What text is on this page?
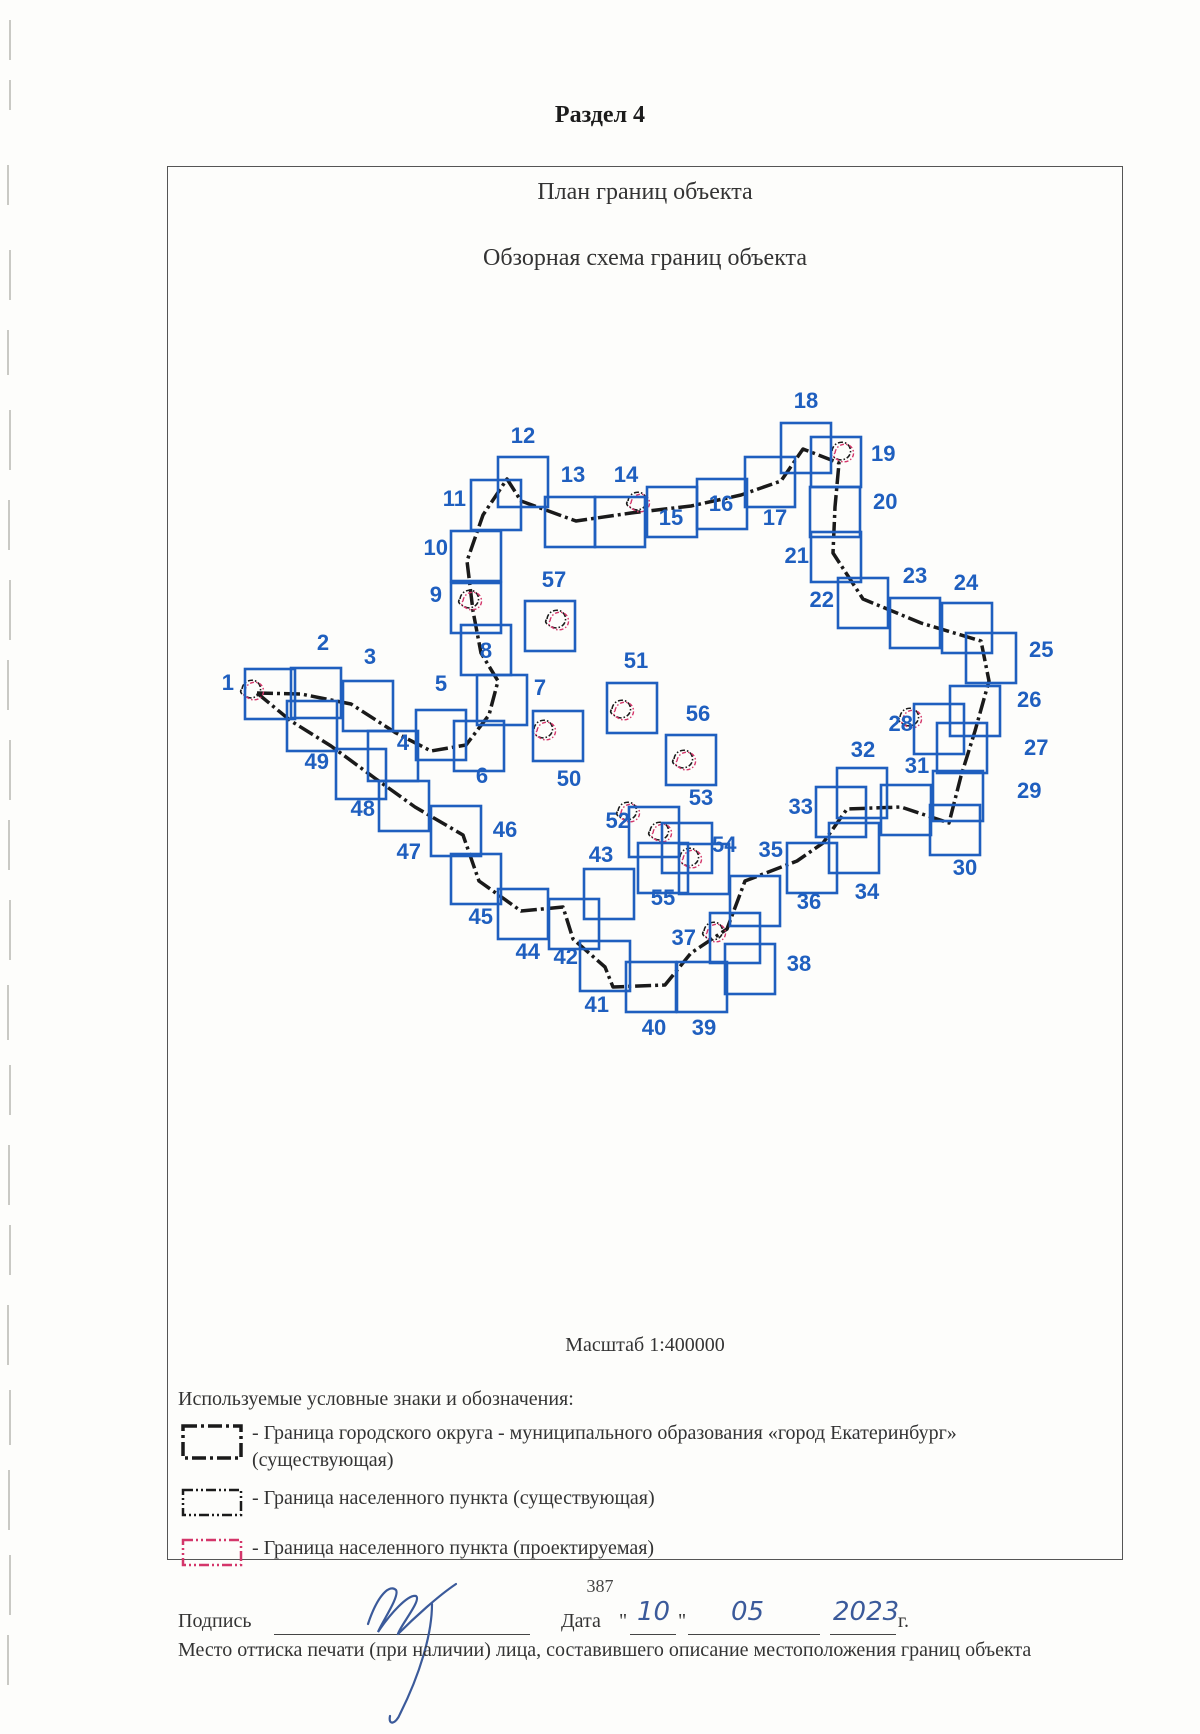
Раздел 4
План границ объекта
Обзорная схема границ объекта
1
2
3
4
5
6
7
8
9
10
11
12
13 14
15
16
17
18
19
20
21
22
23 24
25
26
27
28
29
30
31
32
33
34
35
36
37
38
39
40
41
42
43
44
45
46
47
48
49
50
51
52
53
54
55
56
57
Масштаб 1:400000
Используемые условные знаки и обозначения:
- Граница городского округа - муниципального образования «город Екатеринбург» (существующая)
- Граница населенного пункта (существующая)
- Граница населенного пункта (проектируемая)
Подпись	Дата " 10 " 05	2023
г.
Место оттиска печати (при наличии) лица, составившего описание местоположения границ объекта
387
